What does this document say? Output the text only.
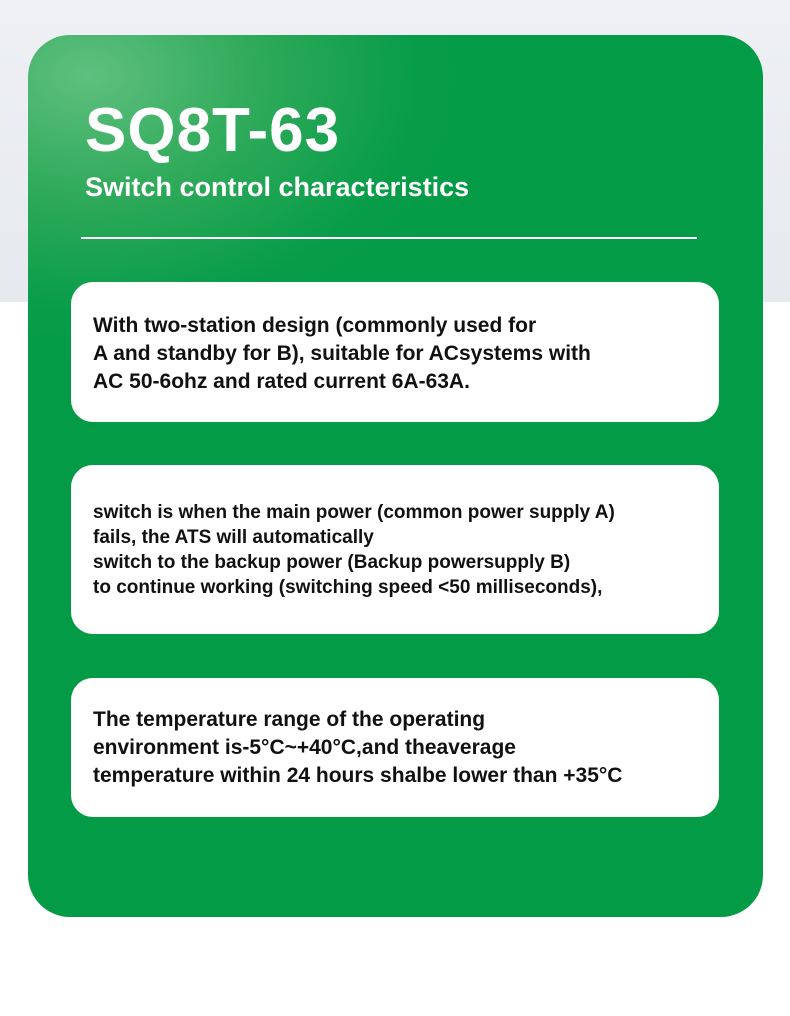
SQ8T-63
Switch control characteristics
With two-station design (commonly used for
A and standby for B), suitable for ACsystems with
AC 50-6ohz and rated current 6A-63A.
switch is when the main power (common power supply A)
fails, the ATS will automatically
switch to the backup power (Backup powersupply B)
to continue working (switching speed <50 milliseconds),
The temperature range of the operating
environment is-5°C~+40°C,and theaverage
temperature within 24 hours shalbe lower than +35°C
